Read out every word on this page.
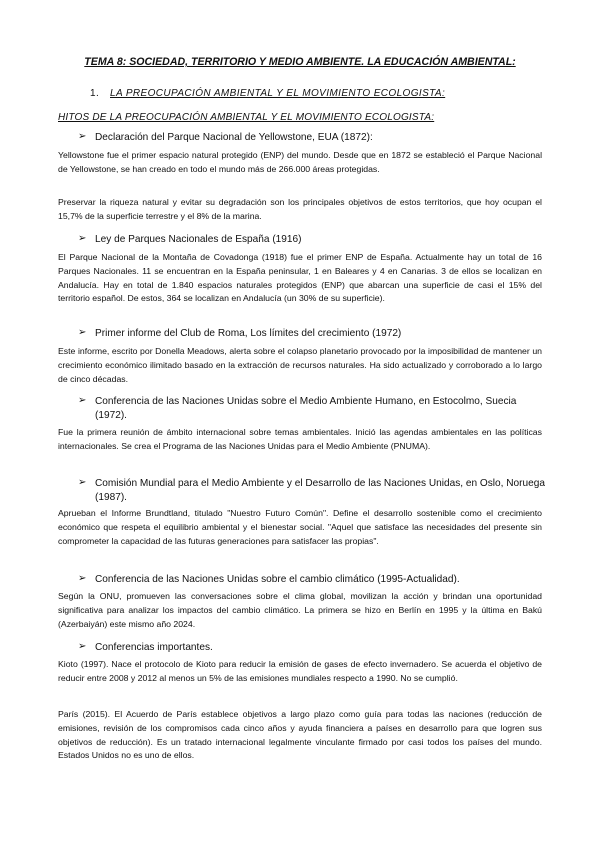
TEMA 8: SOCIEDAD, TERRITORIO Y MEDIO AMBIENTE. LA EDUCACIÓN AMBIENTAL:
1. LA PREOCUPACIÓN AMBIENTAL Y EL MOVIMIENTO ECOLOGISTA:
HITOS DE LA PREOCUPACIÓN AMBIENTAL Y EL MOVIMIENTO ECOLOGISTA:
➢ Declaración del Parque Nacional de Yellowstone, EUA (1872):
Yellowstone fue el primer espacio natural protegido (ENP) del mundo. Desde que en 1872 se estableció el Parque Nacional de Yellowstone, se han creado en todo el mundo más de 266.000 áreas protegidas.
Preservar la riqueza natural y evitar su degradación son los principales objetivos de estos territorios, que hoy ocupan el 15,7% de la superficie terrestre y el 8% de la marina.
➢ Ley de Parques Nacionales de España (1916)
El Parque Nacional de la Montaña de Covadonga (1918) fue el primer ENP de España. Actualmente hay un total de 16 Parques Nacionales. 11 se encuentran en la España peninsular, 1 en Baleares y 4 en Canarias. 3 de ellos se localizan en Andalucía. Hay en total de 1.840 espacios naturales protegidos (ENP) que abarcan una superficie de casi el 15% del territorio español. De estos, 364 se localizan en Andalucía (un 30% de su superficie).
➢ Primer informe del Club de Roma, Los límites del crecimiento (1972)
Este informe, escrito por Donella Meadows, alerta sobre el colapso planetario provocado por la imposibilidad de mantener un crecimiento económico ilimitado basado en la extracción de recursos naturales. Ha sido actualizado y corroborado a lo largo de cinco décadas.
➢ Conferencia de las Naciones Unidas sobre el Medio Ambiente Humano, en Estocolmo, Suecia (1972).
Fue la primera reunión de ámbito internacional sobre temas ambientales. Inició las agendas ambientales en las políticas internacionales. Se crea el Programa de las Naciones Unidas para el Medio Ambiente (PNUMA).
➢ Comisión Mundial para el Medio Ambiente y el Desarrollo de las Naciones Unidas, en Oslo, Noruega (1987).
Aprueban el Informe Brundtland, titulado "Nuestro Futuro Común". Define el desarrollo sostenible como el crecimiento económico que respeta el equilibrio ambiental y el bienestar social. "Aquel que satisface las necesidades del presente sin comprometer la capacidad de las futuras generaciones para satisfacer las propias".
➢ Conferencia de las Naciones Unidas sobre el cambio climático (1995-Actualidad).
Según la ONU, promueven las conversaciones sobre el clima global, movilizan la acción y brindan una oportunidad significativa para analizar los impactos del cambio climático. La primera se hizo en Berlín en 1995 y la última en Bakú (Azerbaiyán) este mismo año 2024.
➢ Conferencias importantes.
Kioto (1997). Nace el protocolo de Kioto para reducir la emisión de gases de efecto invernadero. Se acuerda el objetivo de reducir entre 2008 y 2012 al menos un 5% de las emisiones mundiales respecto a 1990. No se cumplió.
París (2015). El Acuerdo de París establece objetivos a largo plazo como guía para todas las naciones (reducción de emisiones, revisión de los compromisos cada cinco años y ayuda financiera a países en desarrollo para que logren sus objetivos de reducción). Es un tratado internacional legalmente vinculante firmado por casi todos los países del mundo. Estados Unidos no es uno de ellos.
